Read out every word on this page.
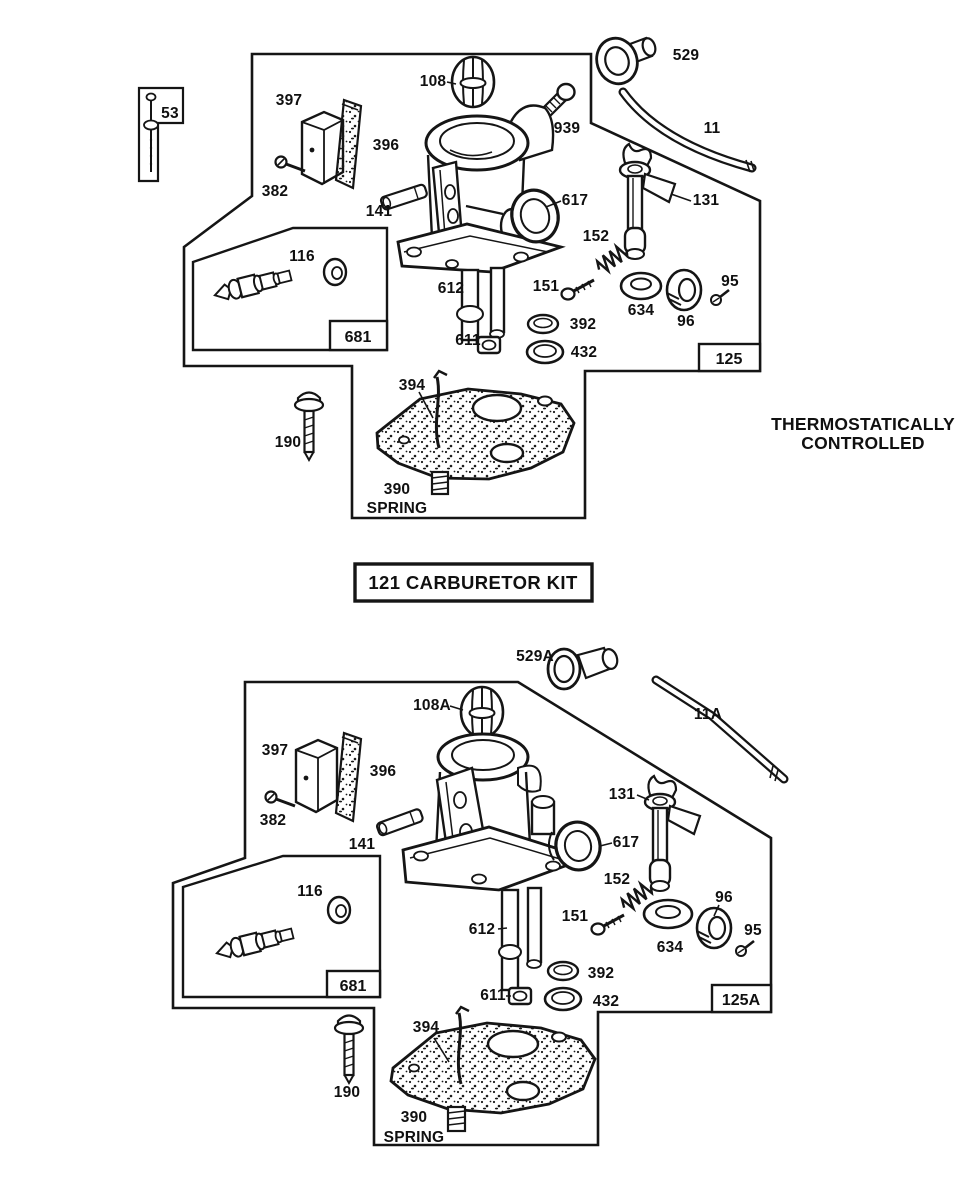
53
397
108
939
529
11
396
382
141
131
617
152
116
151
612
634
96
95
392
611
432
394
190
390
SPRING
681
125
THERMOSTATICALLY
CONTROLLED
121 CARBURETOR KIT
529A
108A
11A
397
396
382
141
131
617
152
116
151
612
634
96
95
392
611	432
394
190
390
SPRING
681
125A
